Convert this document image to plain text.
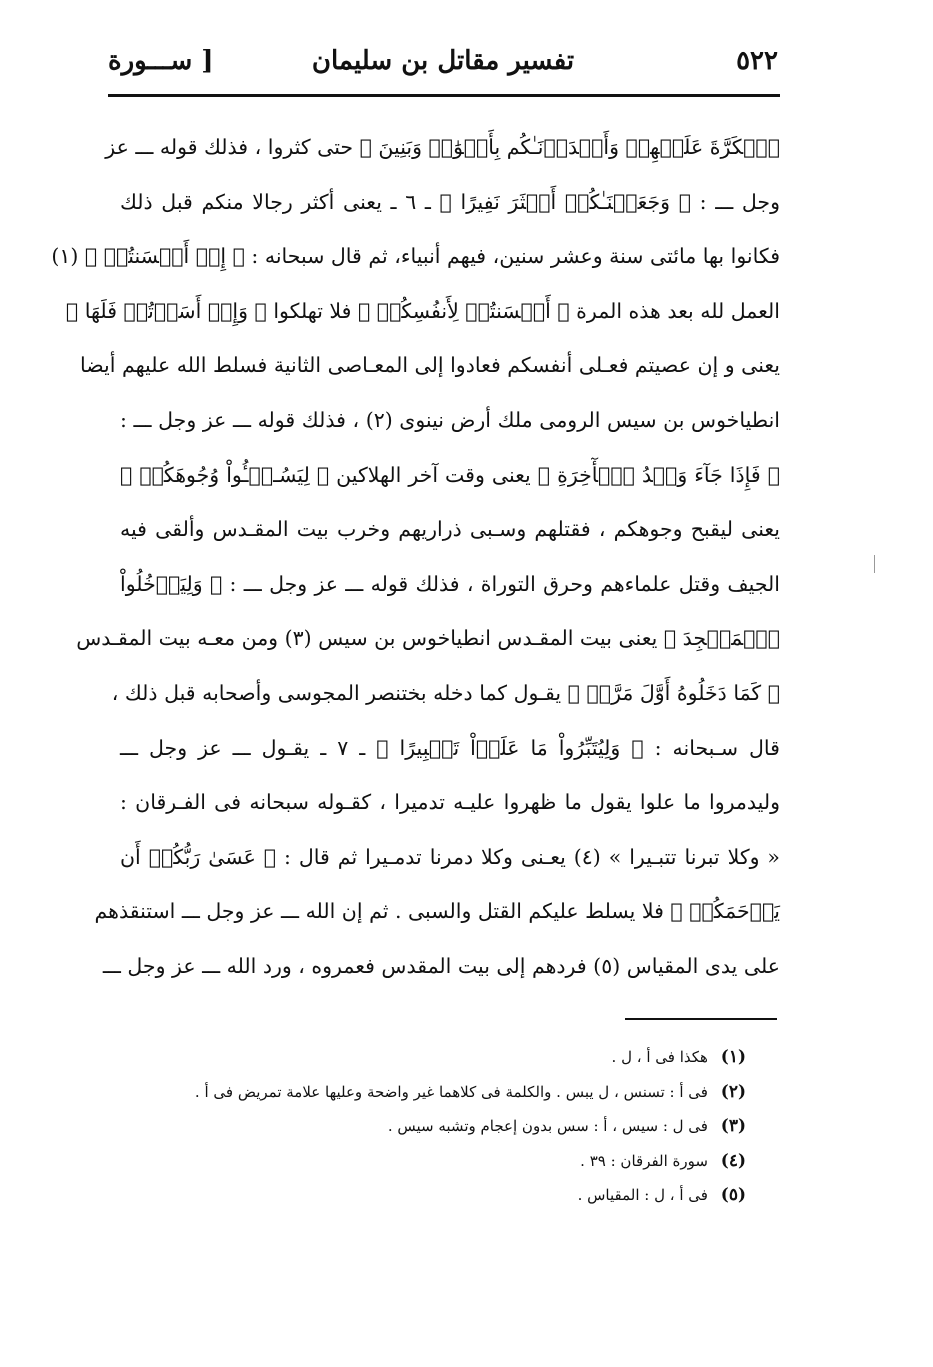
٥٢٢
تفسير مقاتل بن سليمان
[ ســـورة
ٱلۡكَرَّةَ عَلَيۡهِمۡ وَأَمۡدَدۡنَـٰكُم بِأَمۡوَٰلٖ وَبَنِينَ ﴾ حتى كثروا ، فذلك قوله ـــ عز
وجل ـــ : ﴿ وَجَعَلۡنَـٰكُمۡ أَكۡثَرَ نَفِيرًا ﴾ ـ ٦ ـ يعنى أكثر رجالا منكم قبل ذلك
فكانوا بها مائتى سنة وعشر سنين، فيهم أنبياء، ثم قال سبحانه : ﴿ إِنۡ أَحۡسَنتُمۡ ﴾ (١)
العمل لله بعد هذه المرة ﴿ أَحۡسَنتُمۡ لِأَنفُسِكُمۡ ﴾ فلا تهلكوا ﴿ وَإِنۡ أَسَأۡتُمۡ فَلَهَا ﴾
يعنى و إن عصيتم فعـلى أنفسكم فعادوا إلى المعـاصى الثانية فسلط الله عليهم أيضا
انطياخوس بن سيس الرومى ملك أرض نينوى (٢) ، فذلك قوله ـــ عز وجل ـــ :
﴿ فَإِذَا جَآءَ وَعۡدُ ٱلۡأٓخِرَةِ ﴾ يعنى وقت آخر الهلاكين ﴿ لِيَسُـۥٓـُٔواْ وُجُوهَكُمۡ ﴾
يعنى ليقبح وجوهكم ، فقتلهم وسـبى ذراريهم وخرب بيت المقـدس وألقى فيه
الجيف وقتل علماءهم وحرق التوراة ، فذلك قوله ـــ عز وجل ـــ : ﴿ وَلِيَدۡخُلُواْ
ٱلۡمَسۡجِدَ ﴾ يعنى بيت المقـدس انطياخوس بن سيس (٣) ومن معـه بيت المقـدس
﴿ كَمَا دَخَلُوهُ أَوَّلَ مَرَّةٖ ﴾ يقـول كما دخله بختنصر المجوسى وأصحابه قبل ذلك ،
قال سـبحانه : ﴿ وَلِيُتَبِّرُواْ مَا عَلَوۡاْ تَتۡبِيرًا ﴾ ـ ٧ ـ يقـول ـــ عز وجل ـــ
وليدمروا ما علوا يقول ما ظهروا عليـه تدميرا ، كقـوله سبحانه فى الفـرقان :
« وكلا تبرنا تتبـيرا » (٤) يعـنى وكلا دمرنا تدمـيرا ثم قال : ﴿ عَسَىٰ رَبُّكُمۡ أَن
يَرۡحَمَكُمۡ ﴾ فلا يسلط عليكم القتل والسبى . ثم إن الله ـــ عز وجل ـــ استنقذهم
على يدى المقياس (٥) فردهم إلى بيت المقدس فعمروه ، ورد الله ـــ عز وجل ـــ
(١) هكذا فى أ ، ل .
(٢) فى أ : تسنس ، ل يبس . والكلمة فى كلاهما غير واضحة وعليها علامة تمريض فى أ .
(٣) فى ل : سيس ، أ : سس بدون إعجام وتشبه سيس .
(٤) سورة الفرقان : ٣٩ .
(٥) فى أ ، ل : المقياس .
